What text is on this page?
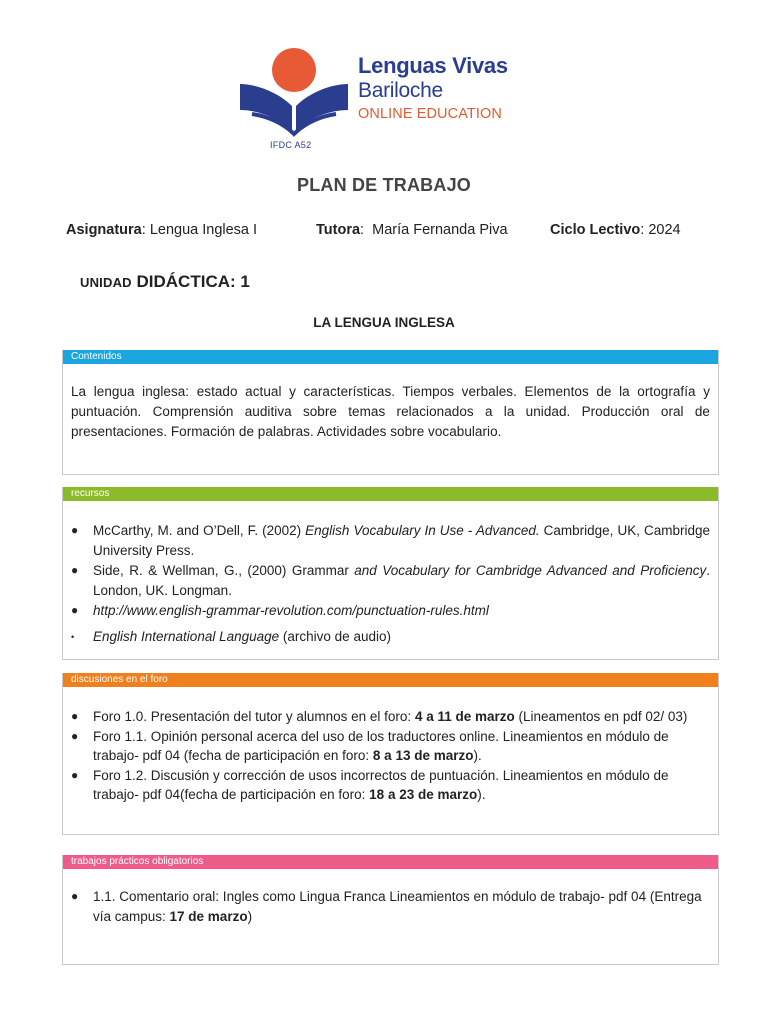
IFDC A52
Lenguas Vivas
Bariloche
ONLINE EDUCATION
PLAN DE TRABAJO
Asignatura: Lengua Inglesa I	Tutora:  María Fernanda Piva	Ciclo Lectivo: 2024
UNIDAD DIDÁCTICA: 1
LA LENGUA INGLESA
Contenidos
La lengua inglesa: estado actual y características. Tiempos verbales. Elementos de la ortografía y puntuación. Comprensión auditiva sobre temas relacionados a la unidad. Producción oral de presentaciones. Formación de palabras. Actividades sobre vocabulario.
recursos
● McCarthy, M. and O’Dell, F. (2002) English Vocabulary In Use - Advanced. Cambridge, UK, Cambridge University Press.
● Side, R. & Wellman, G., (2000) Grammar and Vocabulary for Cambridge Advanced and Proficiency. London, UK. Longman.
● http://www.english-grammar-revolution.com/punctuation-rules.html
• English International Language (archivo de audio)
discusiones en el foro
● Foro 1.0. Presentación del tutor y alumnos en el foro: 4 a 11 de marzo (Lineamentos en pdf 02/ 03)
● Foro 1.1. Opinión personal acerca del uso de los traductores online. Lineamientos en módulo de trabajo- pdf 04 (fecha de participación en foro: 8 a 13 de marzo).
● Foro 1.2. Discusión y corrección de usos incorrectos de puntuación. Lineamientos en módulo de trabajo- pdf 04(fecha de participación en foro: 18 a 23 de marzo).
trabajos prácticos obligatorios
● 1.1. Comentario oral: Ingles como Lingua Franca Lineamientos en módulo de trabajo- pdf 04 (Entrega vía campus: 17 de marzo)
